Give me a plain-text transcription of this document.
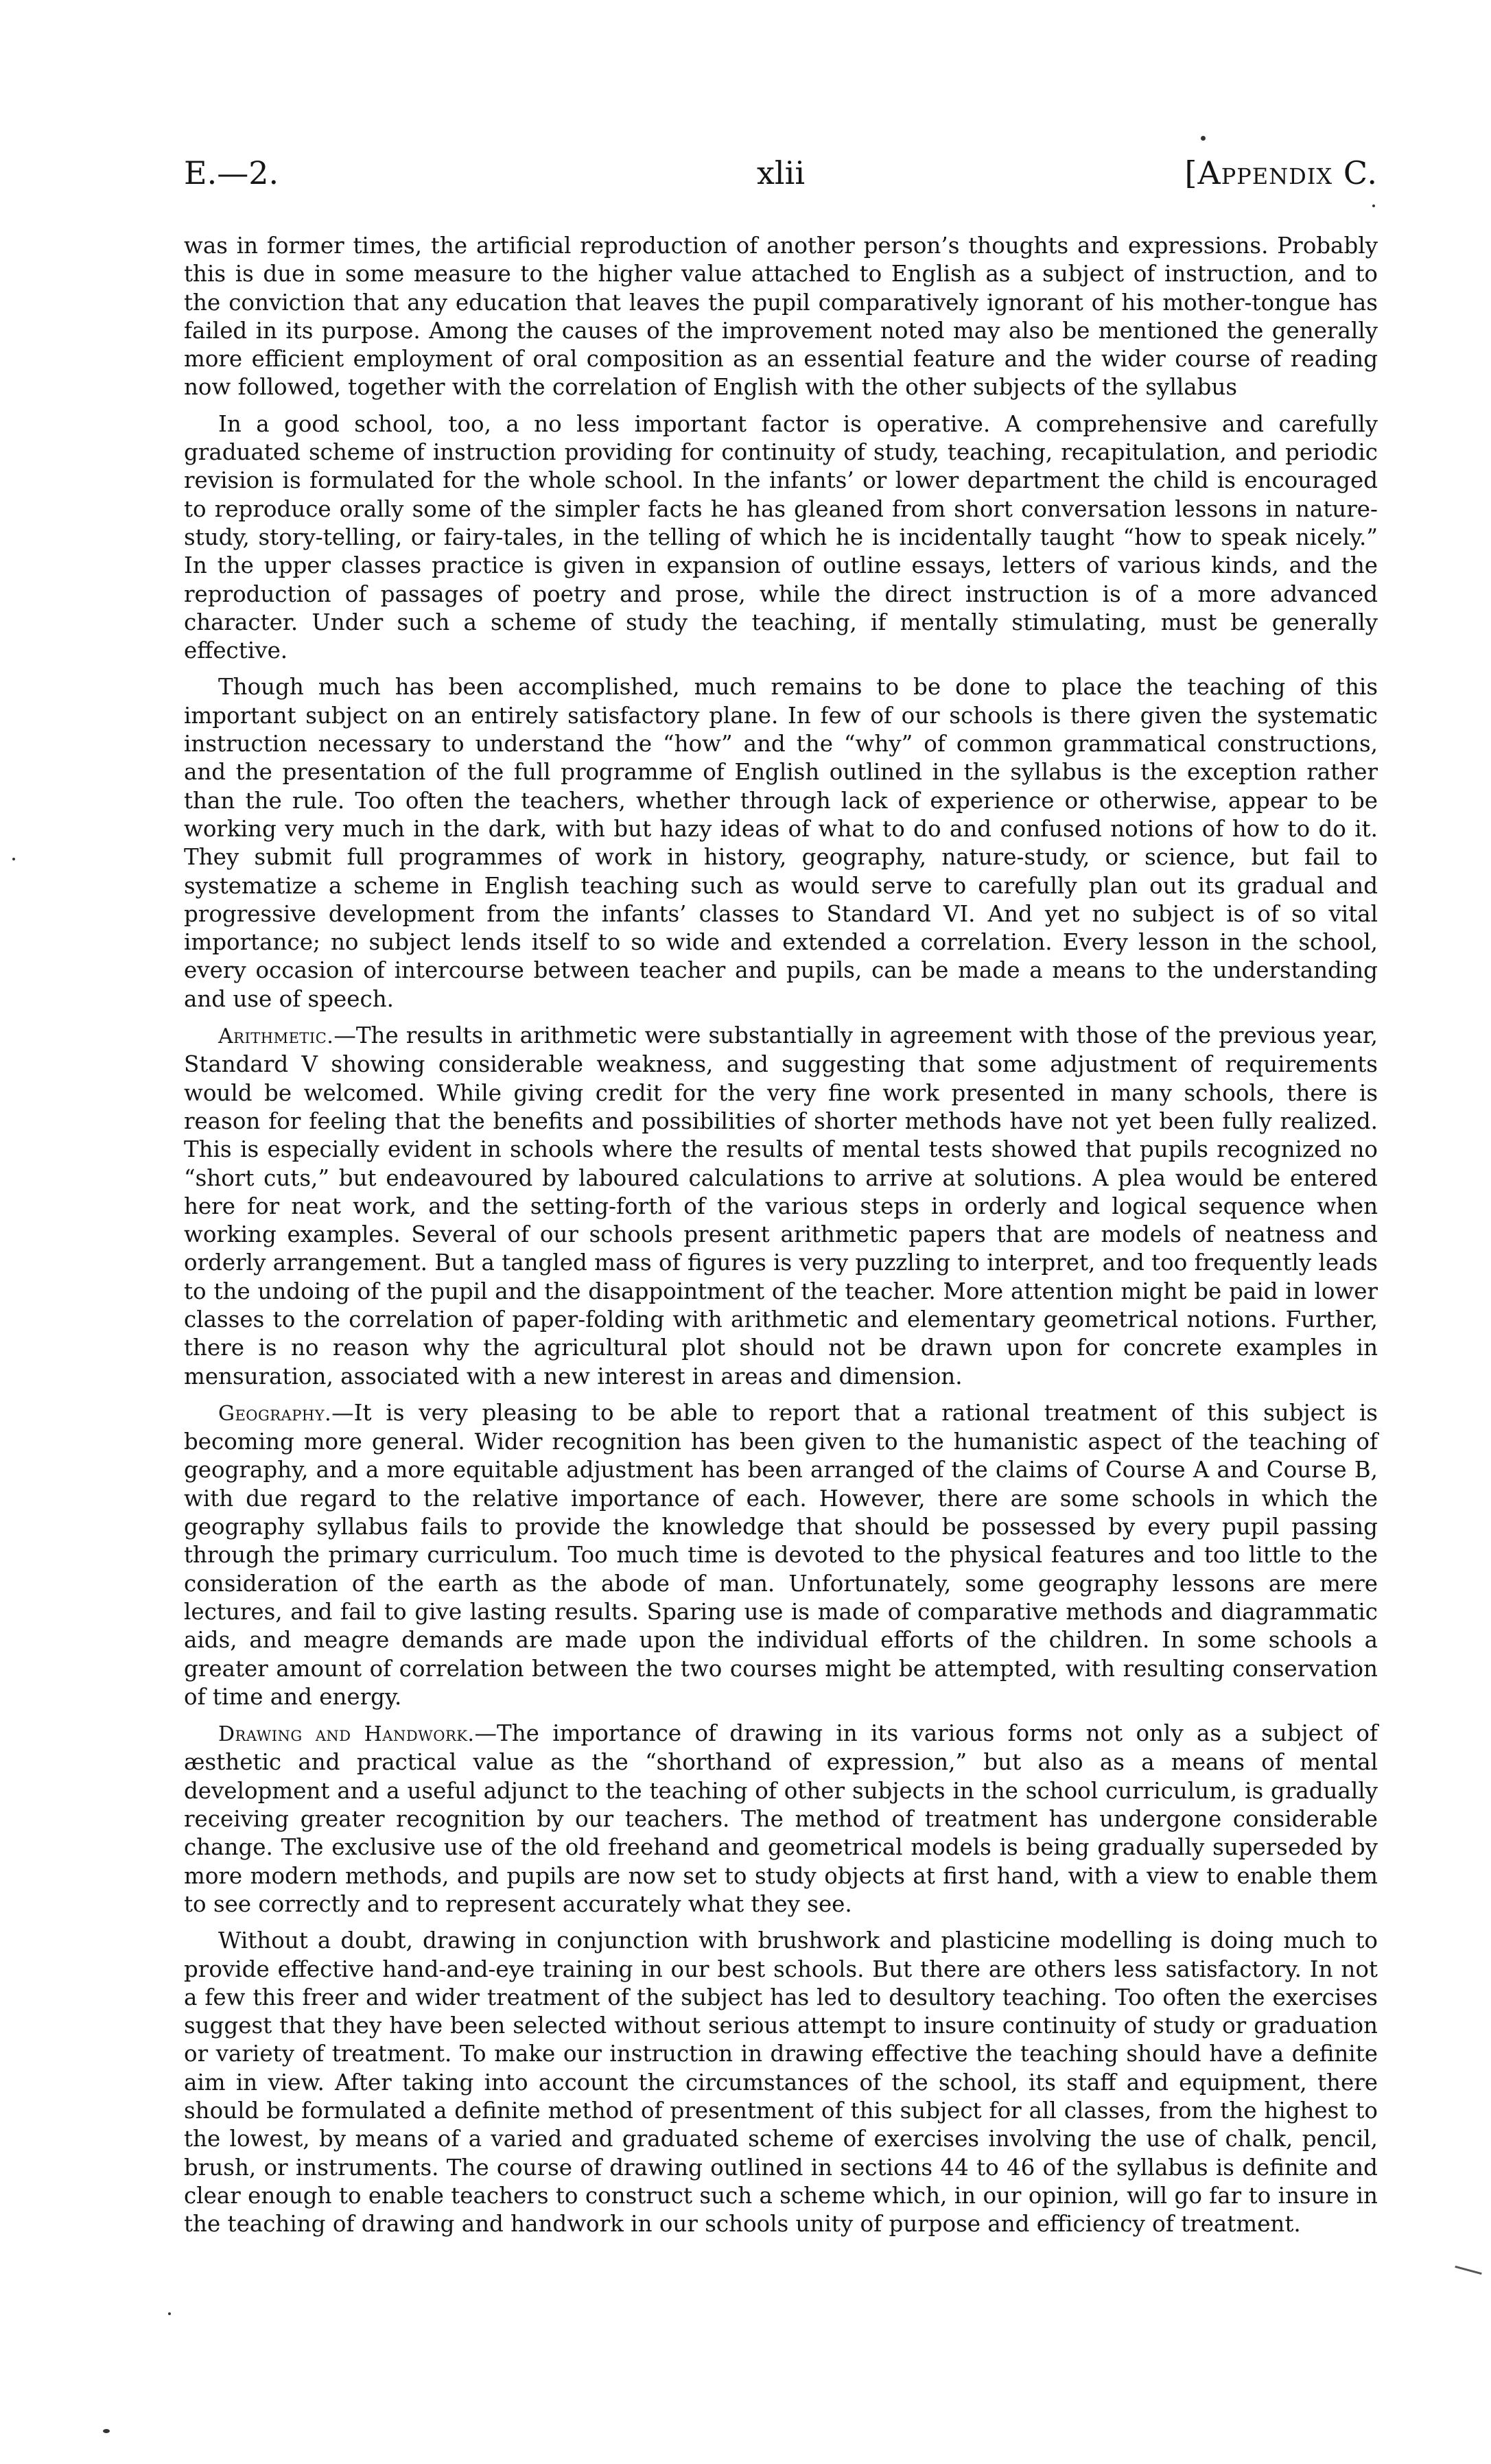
E.—2.	xlii	[Appendix C.

was in former times, the artificial reproduction of another person’s thoughts and expressions. Probably this is due in some measure to the higher value attached to English as a subject of instruction, and to the conviction that any education that leaves the pupil comparatively ignorant of his mother-tongue has failed in its purpose. Among the causes of the improvement noted may also be mentioned the generally more efficient employment of oral composition as an essential feature and the wider course of reading now followed, together with the correlation of English with the other subjects of the syllabus

In a good school, too, a no less important factor is operative. A comprehensive and carefully graduated scheme of instruction providing for continuity of study, teaching, recapitulation, and periodic revision is formulated for the whole school. In the infants’ or lower department the child is encouraged to reproduce orally some of the simpler facts he has gleaned from short conversation lessons in nature-study, story-telling, or fairy-tales, in the telling of which he is incidentally taught “how to speak nicely.” In the upper classes practice is given in expansion of outline essays, letters of various kinds, and the reproduction of passages of poetry and prose, while the direct instruction is of a more advanced character. Under such a scheme of study the teaching, if mentally stimulating, must be generally effective.

Though much has been accomplished, much remains to be done to place the teaching of this important subject on an entirely satisfactory plane. In few of our schools is there given the systematic instruction necessary to understand the “how” and the “why” of common grammatical constructions, and the presentation of the full programme of English outlined in the syllabus is the exception rather than the rule. Too often the teachers, whether through lack of experience or otherwise, appear to be working very much in the dark, with but hazy ideas of what to do and confused notions of how to do it. They submit full programmes of work in history, geography, nature-study, or science, but fail to systematize a scheme in English teaching such as would serve to carefully plan out its gradual and progressive development from the infants’ classes to Standard VI. And yet no subject is of so vital importance; no subject lends itself to so wide and extended a correlation. Every lesson in the school, every occasion of intercourse between teacher and pupils, can be made a means to the understanding and use of speech.

Arithmetic.—The results in arithmetic were substantially in agreement with those of the previous year, Standard V showing considerable weakness, and suggesting that some adjustment of requirements would be welcomed. While giving credit for the very fine work presented in many schools, there is reason for feeling that the benefits and possibilities of shorter methods have not yet been fully realized. This is especially evident in schools where the results of mental tests showed that pupils recognized no “short cuts,” but endeavoured by laboured calculations to arrive at solutions. A plea would be entered here for neat work, and the setting-forth of the various steps in orderly and logical sequence when working examples. Several of our schools present arithmetic papers that are models of neatness and orderly arrangement. But a tangled mass of figures is very puzzling to interpret, and too frequently leads to the undoing of the pupil and the disappointment of the teacher. More attention might be paid in lower classes to the correlation of paper-folding with arithmetic and elementary geometrical notions. Further, there is no reason why the agricultural plot should not be drawn upon for concrete examples in mensuration, associated with a new interest in areas and dimension.

Geography.—It is very pleasing to be able to report that a rational treatment of this subject is becoming more general. Wider recognition has been given to the humanistic aspect of the teaching of geography, and a more equitable adjustment has been arranged of the claims of Course A and Course B, with due regard to the relative importance of each. However, there are some schools in which the geography syllabus fails to provide the knowledge that should be possessed by every pupil passing through the primary curriculum. Too much time is devoted to the physical features and too little to the consideration of the earth as the abode of man. Unfortunately, some geography lessons are mere lectures, and fail to give lasting results. Sparing use is made of comparative methods and diagrammatic aids, and meagre demands are made upon the individual efforts of the children. In some schools a greater amount of correlation between the two courses might be attempted, with resulting conservation of time and energy.

Drawing and Handwork.—The importance of drawing in its various forms not only as a subject of æsthetic and practical value as the “shorthand of expression,” but also as a means of mental development and a useful adjunct to the teaching of other subjects in the school curriculum, is gradually receiving greater recognition by our teachers. The method of treatment has undergone considerable change. The exclusive use of the old freehand and geometrical models is being gradually superseded by more modern methods, and pupils are now set to study objects at first hand, with a view to enable them to see correctly and to represent accurately what they see.

Without a doubt, drawing in conjunction with brushwork and plasticine modelling is doing much to provide effective hand-and-eye training in our best schools. But there are others less satisfactory. In not a few this freer and wider treatment of the subject has led to desultory teaching. Too often the exercises suggest that they have been selected without serious attempt to insure continuity of study or graduation or variety of treatment. To make our instruction in drawing effective the teaching should have a definite aim in view. After taking into account the circumstances of the school, its staff and equipment, there should be formulated a definite method of presentment of this subject for all classes, from the highest to the lowest, by means of a varied and graduated scheme of exercises involving the use of chalk, pencil, brush, or instruments. The course of drawing outlined in sections 44 to 46 of the syllabus is definite and clear enough to enable teachers to construct such a scheme which, in our opinion, will go far to insure in the teaching of drawing and handwork in our schools unity of purpose and efficiency of treatment.
